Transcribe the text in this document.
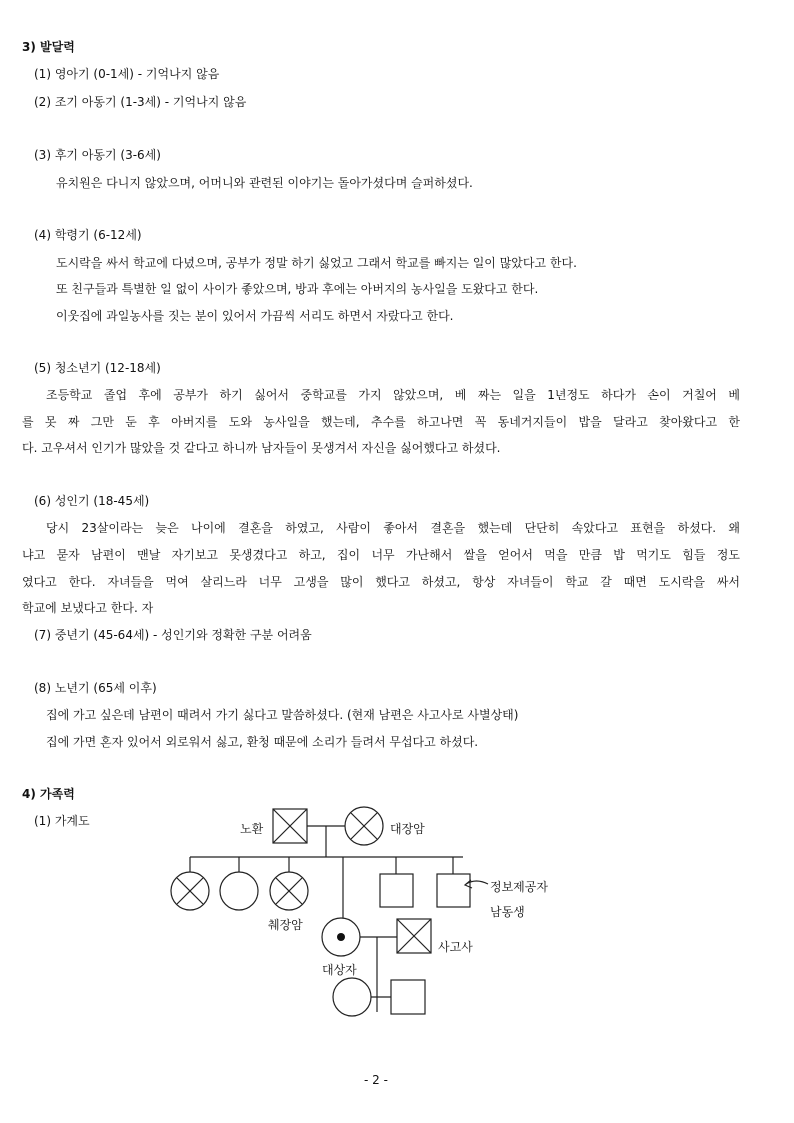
3) 발달력
(1) 영아기 (0-1세) - 기억나지 않음
(2) 조기 아동기 (1-3세) - 기억나지 않음
(3) 후기 아동기 (3-6세)
유치원은 다니지 않았으며, 어머니와 관련된 이야기는 돌아가셨다며 슬퍼하셨다.
(4) 학령기 (6-12세)
도시락을 싸서 학교에 다녔으며, 공부가 정말 하기 싫었고 그래서 학교를 빠지는 일이 많았다고 한다.
또 친구들과 특별한 일 없이 사이가 좋았으며, 방과 후에는 아버지의 농사일을 도왔다고 한다.
이웃집에 과일농사를 짓는 분이 있어서 가끔씩 서리도 하면서 자랐다고 한다.
(5) 청소년기 (12-18세)
조등학교 졸업 후에 공부가 하기 싫어서 중학교를 가지 않았으며, 베 짜는 일을 1년정도 하다가 손이 거칠어 베
를 못 짜 그만 둔 후 아버지를 도와 농사일을 했는데, 추수를 하고나면 꼭 동네거지들이 밥을 달라고 찾아왔다고 한
다. 고우셔서 인기가 많았을 것 같다고 하니까 남자들이 못생겨서 자신을 싫어했다고 하셨다.
(6) 성인기 (18-45세)
당시 23살이라는 늦은 나이에 결혼을 하였고, 사람이 좋아서 결혼을 했는데 단단히 속았다고 표현을 하셨다. 왜
냐고 묻자 남편이 맨날 자기보고 못생겼다고 하고, 집이 너무 가난해서 쌀을 얻어서 먹을 만큼 밥 먹기도 힘들 정도
였다고 한다. 자녀들을 먹여 살리느라 너무 고생을 많이 했다고 하셨고, 항상 자녀들이 학교 갈 때면 도시락을 싸서
학교에 보냈다고 한다. 자
(7) 중년기 (45-64세) - 성인기와 정확한 구분 어려움
(8) 노년기 (65세 이후)
집에 가고 싶은데 남편이 때려서 가기 싫다고 말씀하셨다. (현재 남편은 사고사로 사별상태)
집에 가면 혼자 있어서 외로워서 싫고, 환청 때문에 소리가 들려서 무섭다고 하셨다.
4) 가족력
(1) 가계도
노환	대장암
췌장암
정보제공자
남동생
사고사
대상자
- 2 -
